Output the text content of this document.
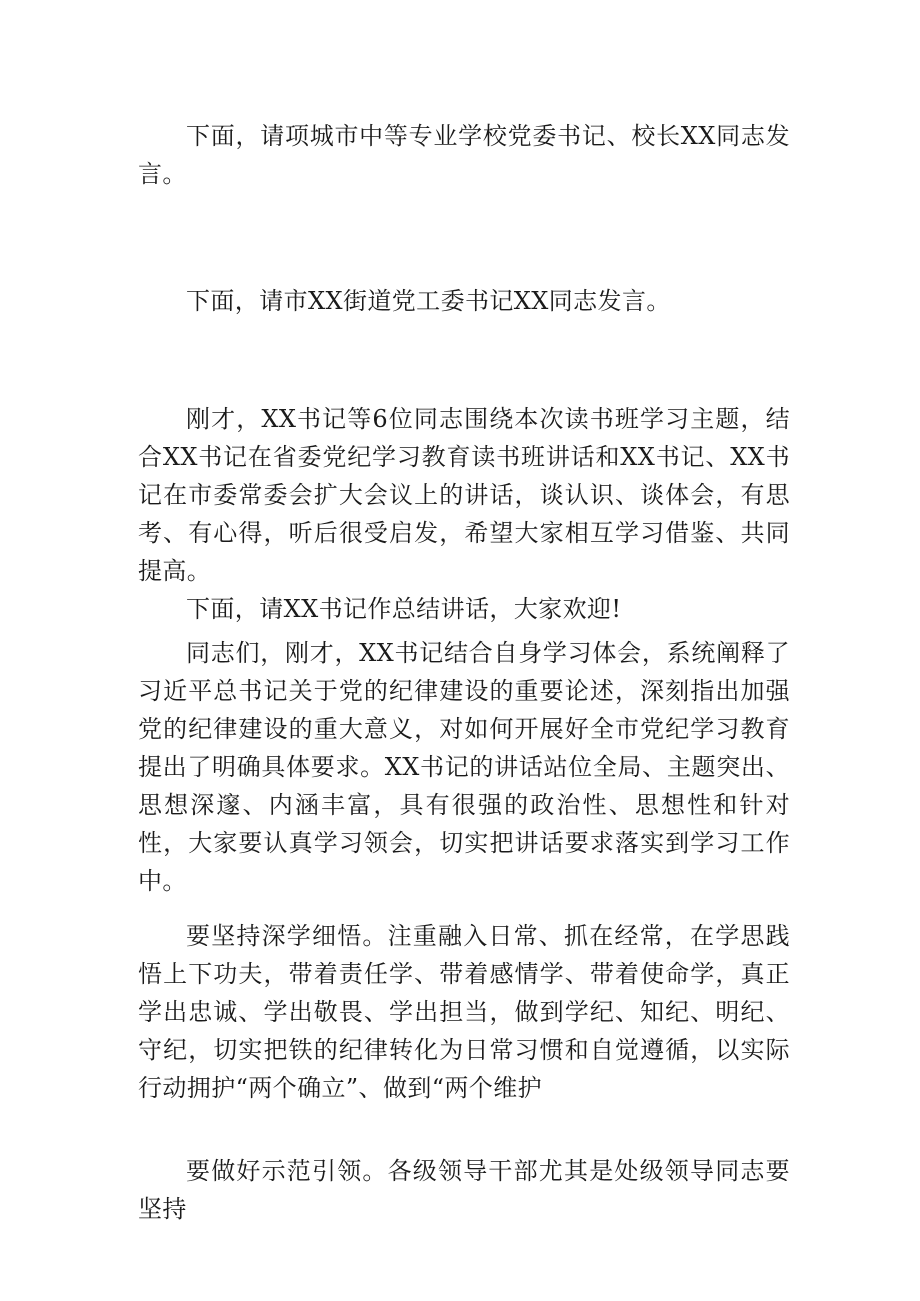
下面，请项城市中等专业学校党委书记、校长XX同志发言。

下面，请市XX街道党工委书记XX同志发言。

刚才，XX书记等6位同志围绕本次读书班学习主题，结合XX书记在省委党纪学习教育读书班讲话和XX书记、XX书记在市委常委会扩大会议上的讲话，谈认识、谈体会，有思考、有心得，听后很受启发，希望大家相互学习借鉴、共同提高。

下面，请XX书记作总结讲话，大家欢迎!

同志们，刚才，XX书记结合自身学习体会，系统阐释了习近平总书记关于党的纪律建设的重要论述，深刻指出加强党的纪律建设的重大意义，对如何开展好全市党纪学习教育提出了明确具体要求。XX书记的讲话站位全局、主题突出、思想深邃、内涵丰富，具有很强的政治性、思想性和针对性，大家要认真学习领会，切实把讲话要求落实到学习工作中。

要坚持深学细悟。注重融入日常、抓在经常，在学思践悟上下功夫，带着责任学、带着感情学、带着使命学，真正学出忠诚、学出敬畏、学出担当，做到学纪、知纪、明纪、守纪，切实把铁的纪律转化为日常习惯和自觉遵循，以实际行动拥护“两个确立”、做到“两个维护

要做好示范引领。各级领导干部尤其是处级领导同志要坚持
